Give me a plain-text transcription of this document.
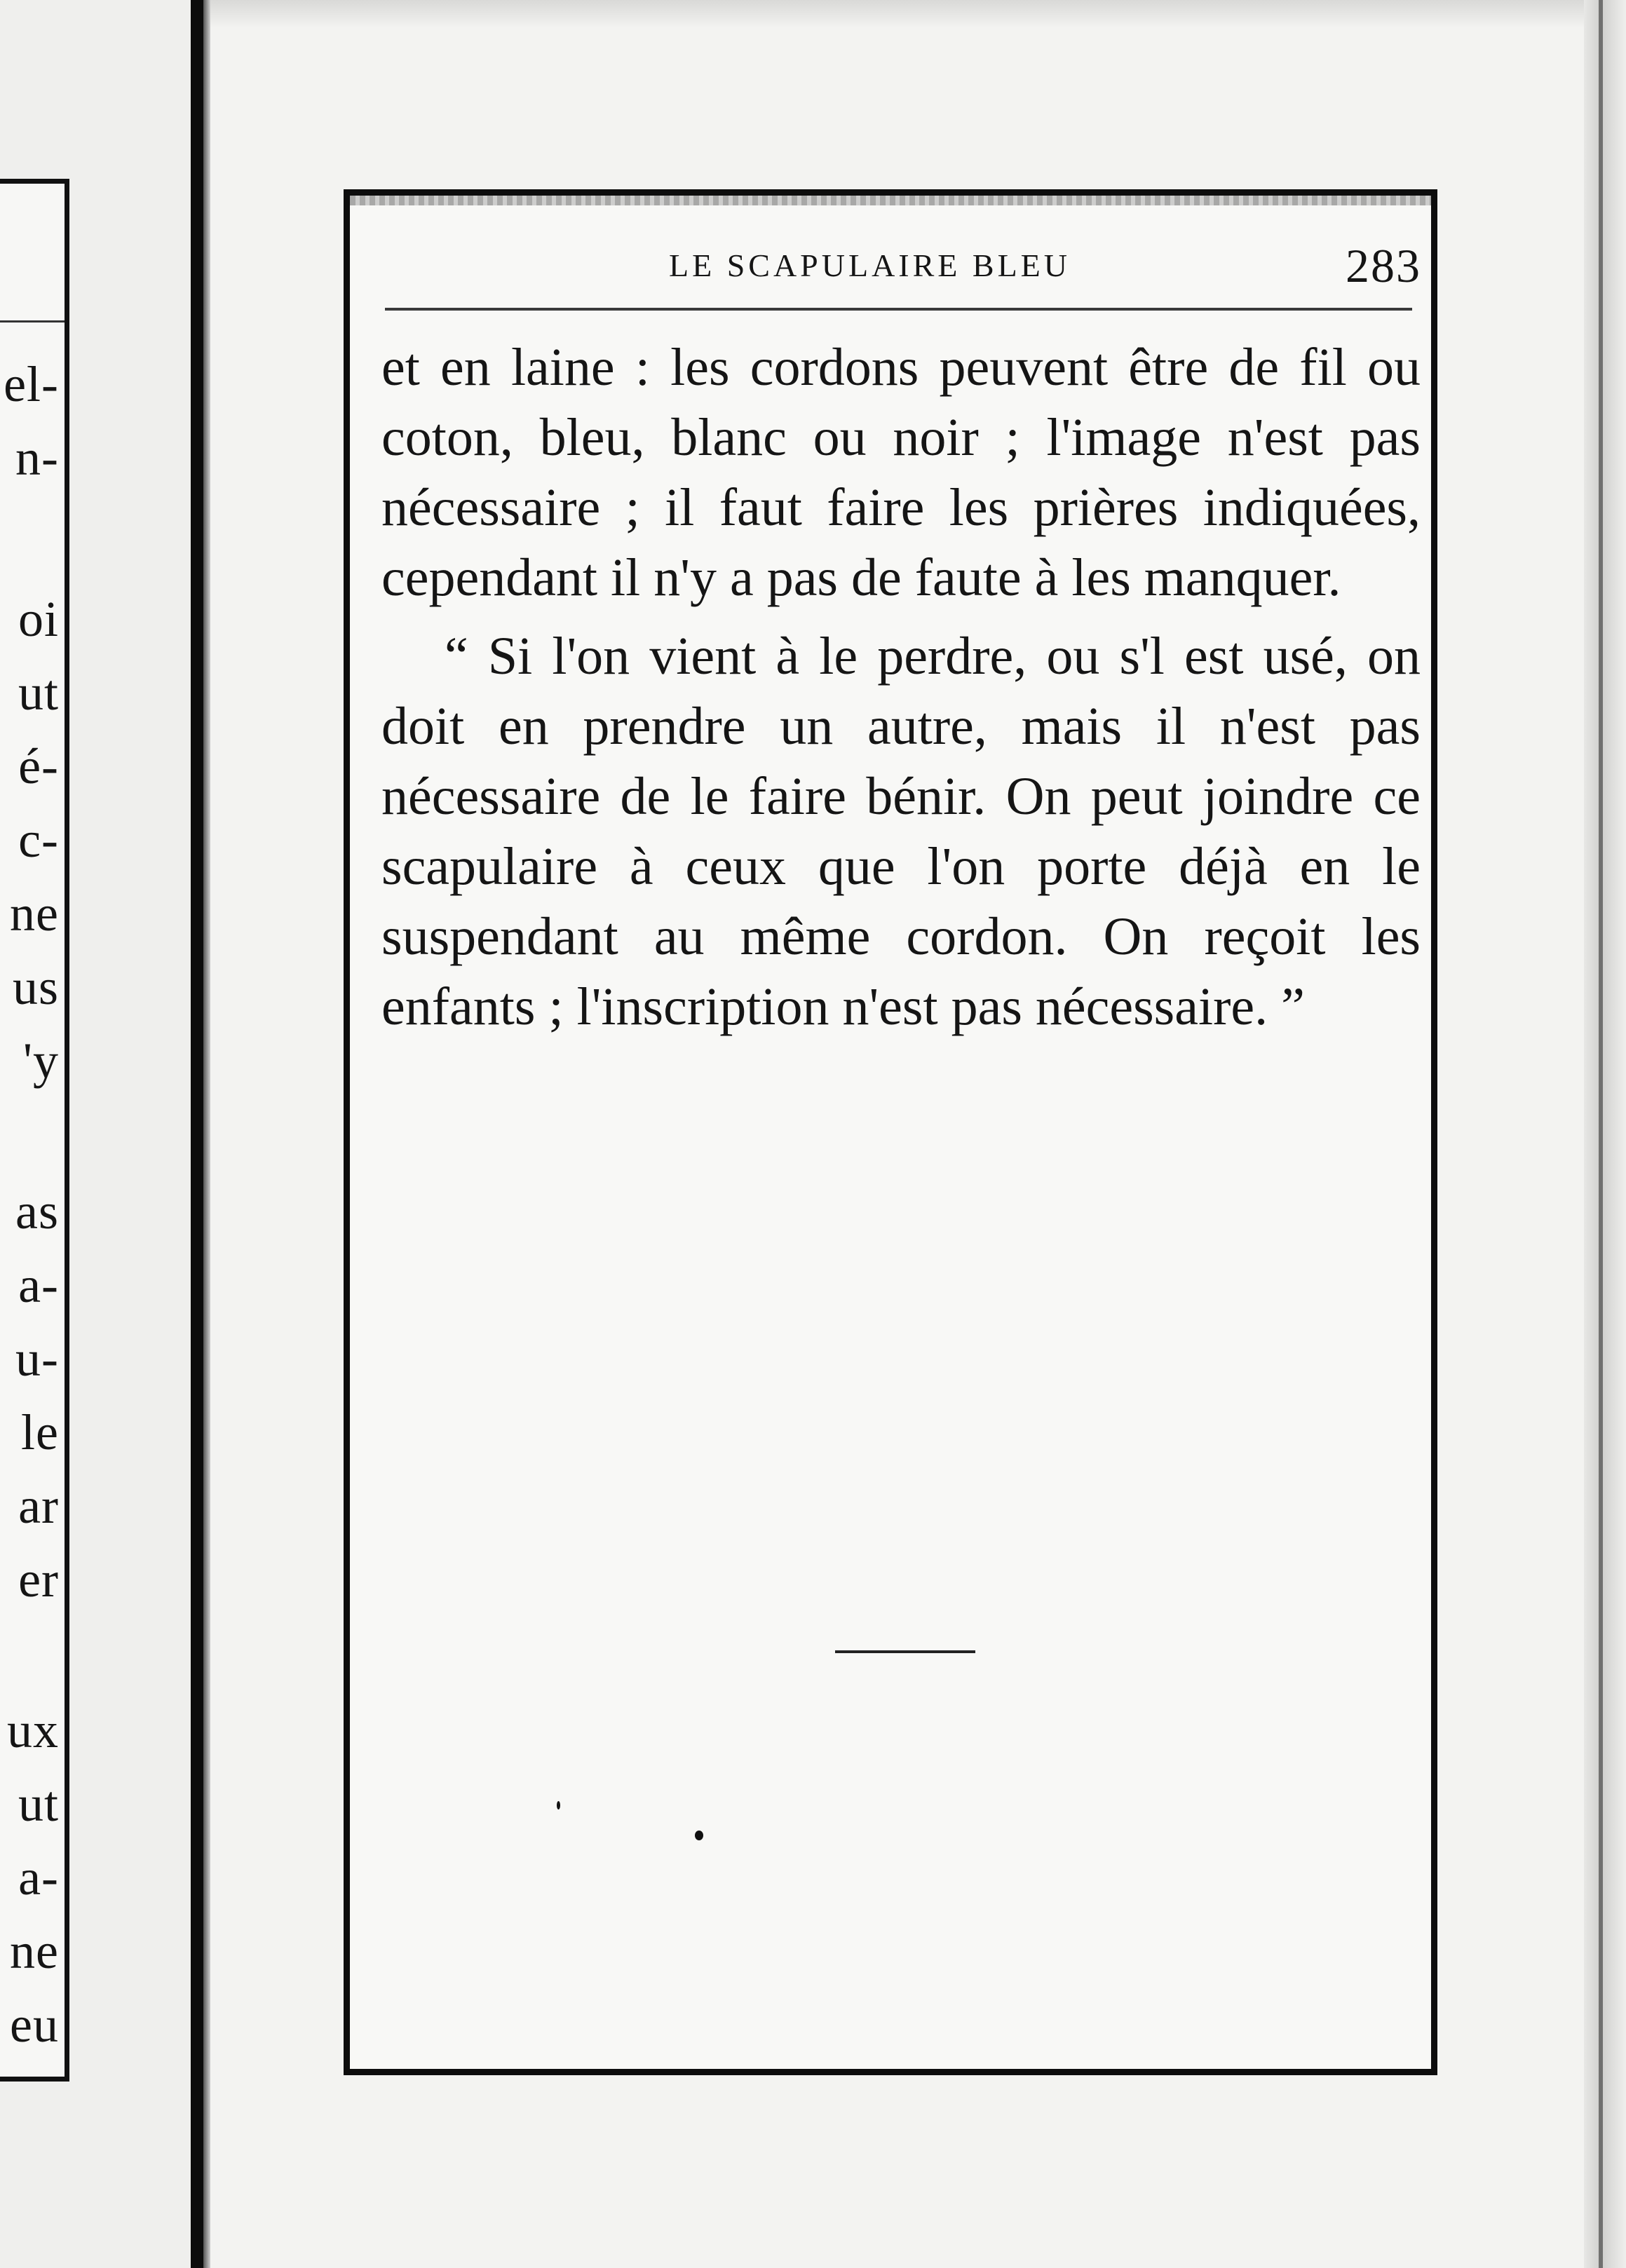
el-
n-
oi
ut
é-
c-
ne
us
'y
as
a-
u-
le
ar
er
ux
ut
a-
ne
eu
LE SCAPULAIRE BLEU	283

et en laine : les cordons peuvent être de fil ou coton, bleu, blanc ou noir ; l'image n'est pas nécessaire ; il faut faire les prières indiquées, cependant il n'y a pas de faute à les manquer.

“ Si l'on vient à le perdre, ou s'l est usé, on doit en prendre un autre, mais il n'est pas nécessaire de le faire bénir. On peut joindre ce scapulaire à ceux que l'on porte déjà en le suspendant au même cordon. On reçoit les enfants ; l'inscription n'est pas nécessaire. ”
